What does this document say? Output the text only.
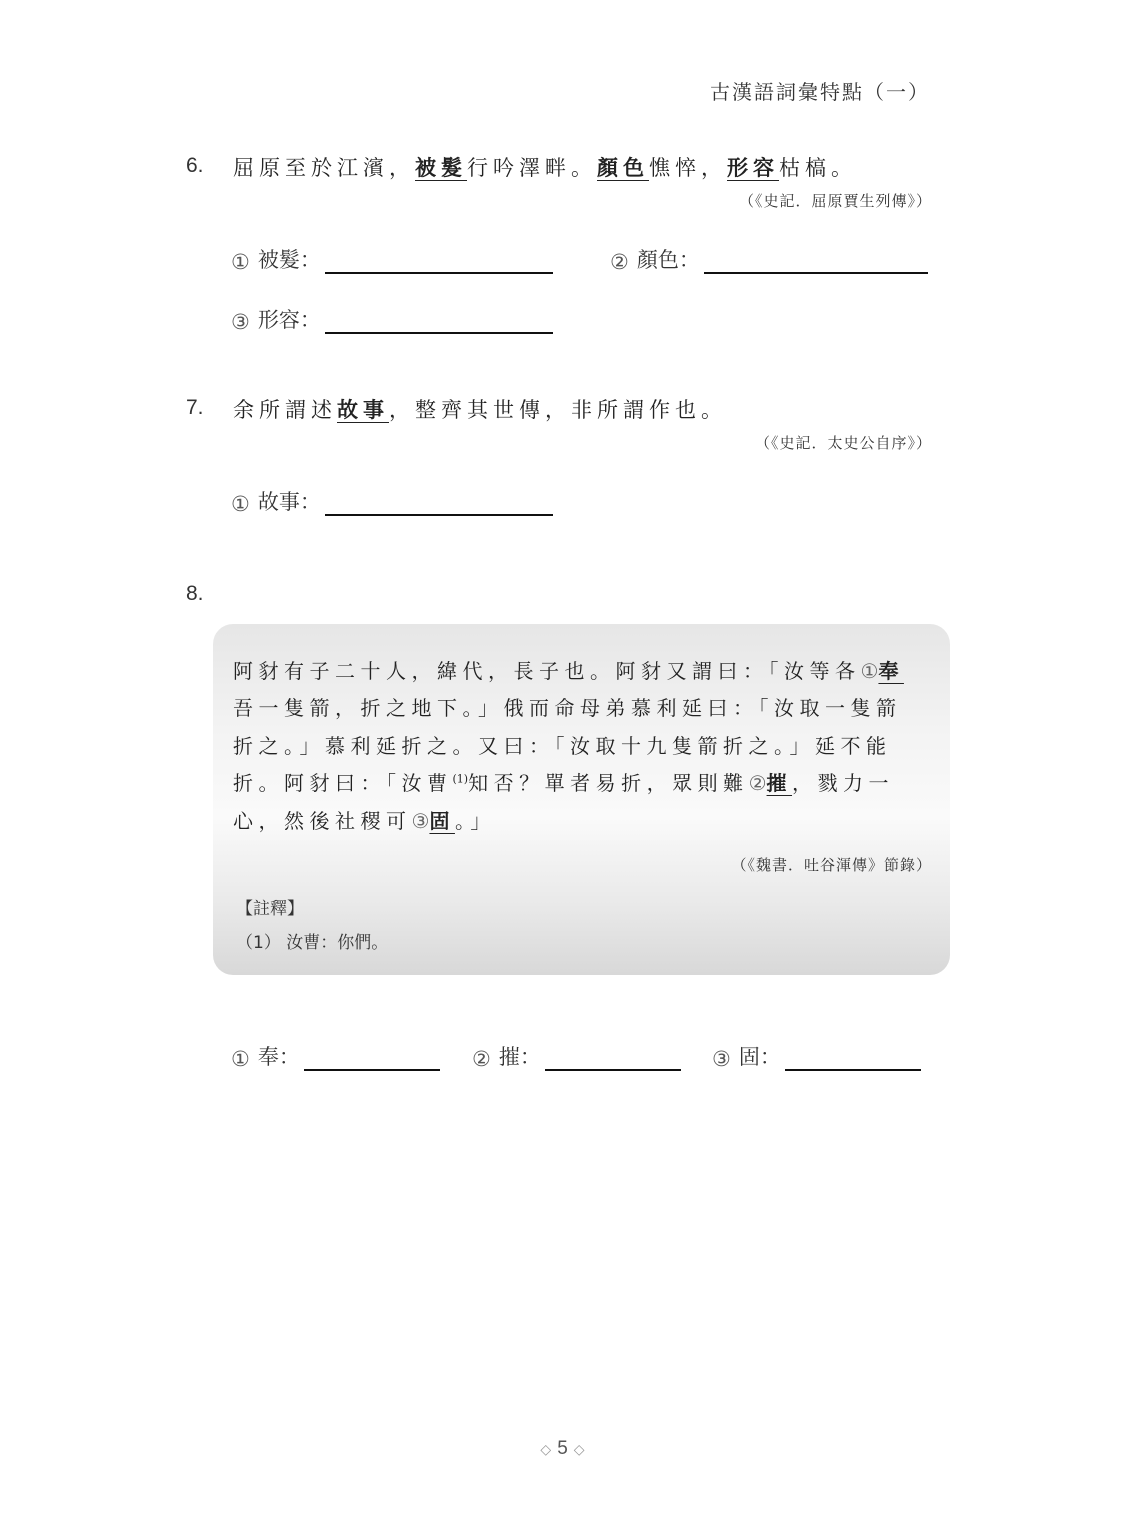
古漢語詞彙特點（一）
6. 屈原至於江濱，被髮行吟澤畔。顏色憔悴，形容枯槁。
（《史記．屈原賈生列傳》）
① 被髮：	② 顏色：
③ 形容：
7. 余所謂述故事，整齊其世傳，非所謂作也。
（《史記．太史公自序》）
① 故事：
8.
阿豺有子二十人，緯代，長子也。阿豺又謂曰：「汝等各①奉
吾一隻箭，折之地下。」俄而命母弟慕利延曰：「汝取一隻箭
折之。」慕利延折之。又曰：「汝取十九隻箭折之。」延不能
折。阿豺曰：「汝曹$^{(1)}$知否？單者易折，眾則難②摧，戮力一
心，然後社稷可③固。」
（《魏書．吐谷渾傳》節錄）
【註釋】
（1） 汝曹：你們。
① 奉：	② 摧：	③ 固：
◇ 5 ◇
